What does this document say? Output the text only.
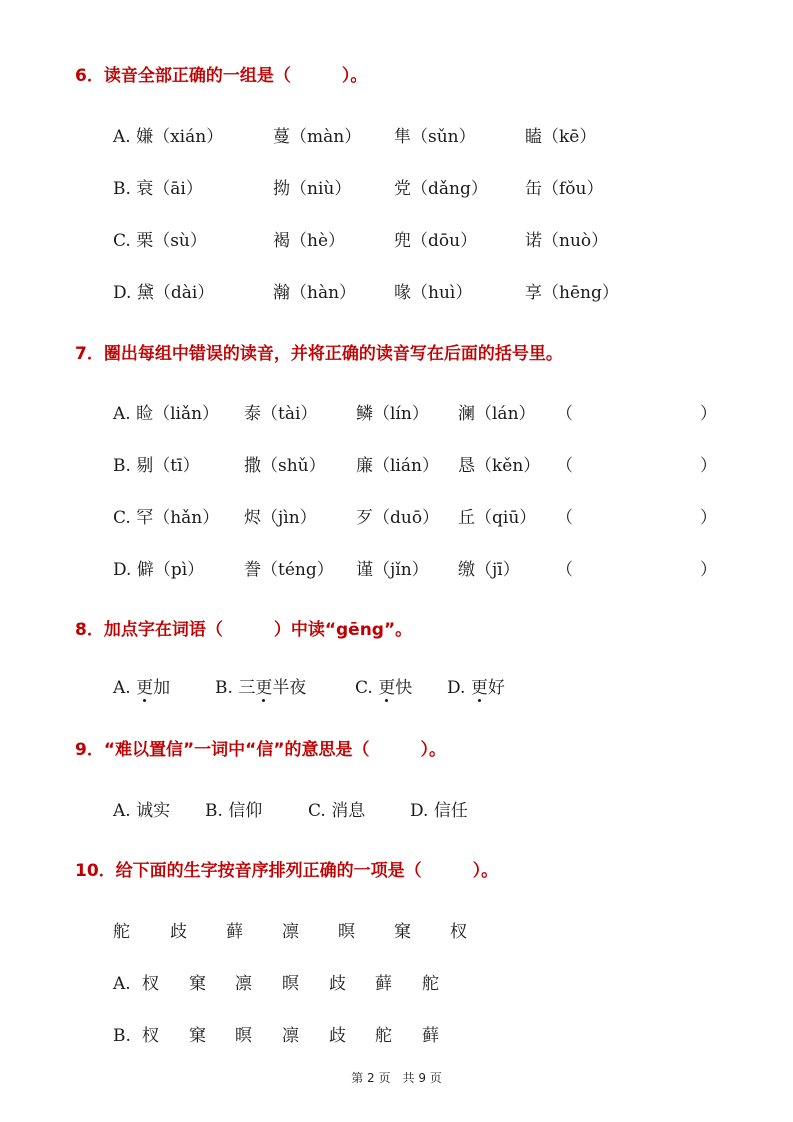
6．读音全部正确的一组是（　　　）。
A. 嫌（xián）	蔓（màn） 隼（sǔn）	瞌（kē）
B. 衰（āi）	拗（niù）	党（dǎng） 缶（fǒu）
C. 栗（sù）	褐（hè）	兜（dōu）	诺（nuò）
D. 黛（dài）	瀚（hàn） 喙（huì）	享（hēng）
7．圈出每组中错误的读音，并将正确的读音写在后面的括号里。
A. 睑（liǎn） 泰（tài） 鳞（lín） 澜（lán） （	）
B. 剔（tī）	撒（shǔ） 廉（lián） 恳（kěn） （	）
C. 罕（hǎn） 烬（jìn） 歹（duō） 丘（qiū） （	）
D. 僻（pì） 誊（téng） 谨（jǐn） 缴（jī） （	）
8．加点字在词语（　　　）中读“gēng”。
A. 更加	B. 三更半夜	C. 更快 D. 更好
9．“难以置信”一词中“信”的意思是（　　　）。
A. 诚实 B. 信仰	C. 消息	D. 信任
10．给下面的生字按音序排列正确的一项是（　　　）。
舵 歧 藓 凛 暝 窠 杈
A. 杈 窠 凛 暝 歧 藓 舵
B. 杈 窠 暝 凛 歧 舵 藓
第 2 页　共 9 页
